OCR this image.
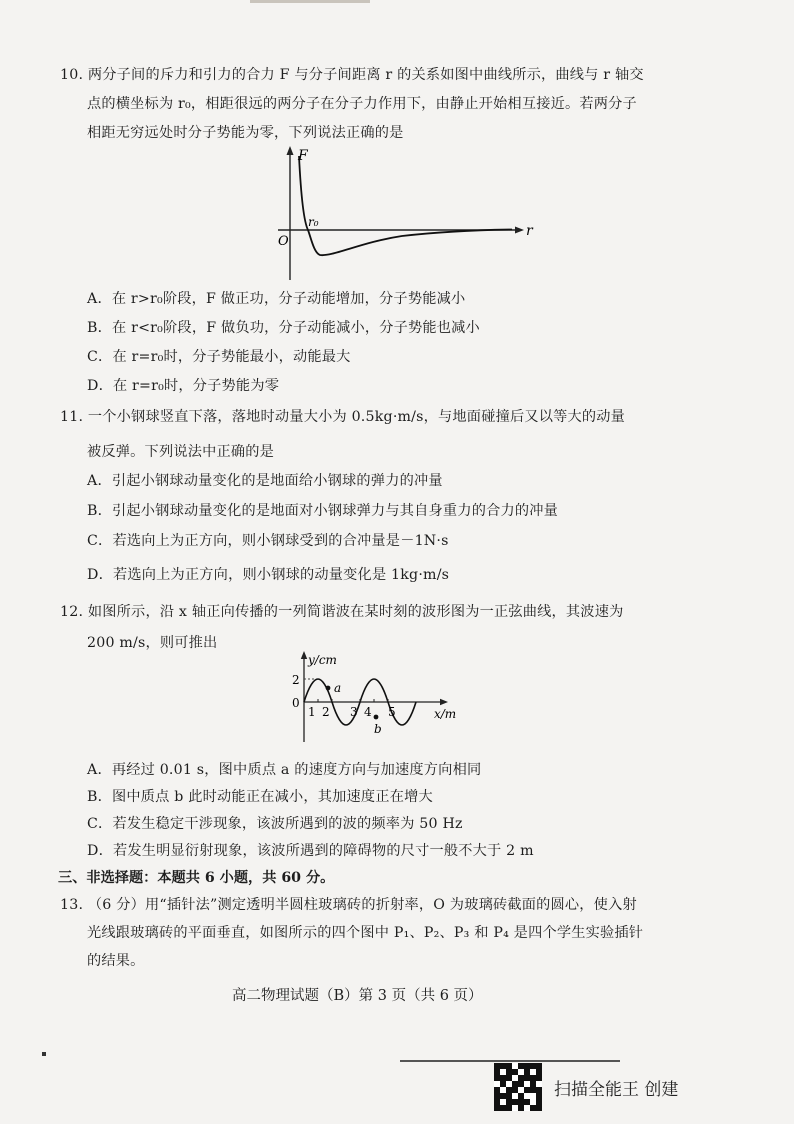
10. 两分子间的斥力和引力的合力 F 与分子间距离 r 的关系如图中曲线所示，曲线与 r 轴交
点的横坐标为 r₀，相距很远的两分子在分子力作用下，由静止开始相互接近。若两分子
相距无穷远处时分子势能为零，下列说法正确的是
F
r
O
r₀
A．在 r>r₀阶段，F 做正功，分子动能增加，分子势能减小
B．在 r<r₀阶段，F 做负功，分子动能减小，分子势能也减小
C．在 r=r₀时，分子势能最小，动能最大
D．在 r=r₀时，分子势能为零
11. 一个小钢球竖直下落，落地时动量大小为 0.5kg·m/s，与地面碰撞后又以等大的动量
被反弹。下列说法中正确的是
A．引起小钢球动量变化的是地面给小钢球的弹力的冲量
B．引起小钢球动量变化的是地面对小钢球弹力与其自身重力的合力的冲量
C．若选向上为正方向，则小钢球受到的合冲量是－1N·s
D．若选向上为正方向，则小钢球的动量变化是 1kg·m/s
12. 如图所示，沿 x 轴正向传播的一列简谐波在某时刻的波形图为一正弦曲线，其波速为
200 m/s，则可推出
y/cm
x/m
2
0
1 2 3 4 5
a
b
A．再经过 0.01 s，图中质点 a 的速度方向与加速度方向相同
B．图中质点 b 此时动能正在减小，其加速度正在增大
C．若发生稳定干涉现象，该波所遇到的波的频率为 50 Hz
D．若发生明显衍射现象，该波所遇到的障碍物的尺寸一般不大于 2 m
三、非选择题：本题共 6 小题，共 60 分。
13. （6 分）用“插针法”测定透明半圆柱玻璃砖的折射率，O 为玻璃砖截面的圆心，使入射
光线跟玻璃砖的平面垂直，如图所示的四个图中 P₁、P₂、P₃ 和 P₄ 是四个学生实验插针
的结果。
高二物理试题（B）第 3 页（共 6 页）
扫描全能王 创建
